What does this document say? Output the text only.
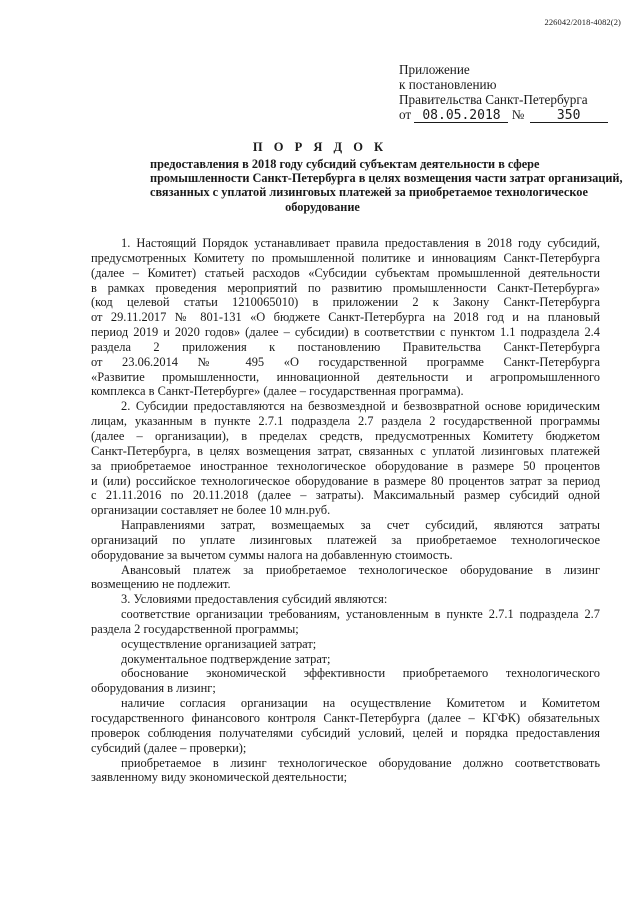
226042/2018-4082(2)
Приложение
к постановлению
Правительства Санкт-Петербурга
от 08.05.2018 №	350
П О Р Я Д О К
предоставления в 2018 году субсидий субъектам деятельности в сфере
промышленности Санкт-Петербурга в целях возмещения части затрат организаций,
связанных с уплатой лизинговых платежей за приобретаемое технологическое
оборудование
1. Настоящий Порядок устанавливает правила предоставления в 2018 году субсидий,
предусмотренных Комитету по промышленной политике и инновациям Санкт-Петербурга
(далее – Комитет) статьей расходов «Субсидии субъектам промышленной деятельности
в рамках проведения мероприятий по развитию промышленности Санкт-Петербурга»
(код целевой статьи 1210065010) в приложении 2 к Закону Санкт-Петербурга
от 29.11.2017 № 801-131 «О бюджете Санкт-Петербурга на 2018 год и на плановый
период 2019 и 2020 годов» (далее – субсидии) в соответствии с пунктом 1.1 подраздела 2.4
раздела 2 приложения к постановлению Правительства Санкт-Петербурга
от 23.06.2014 № 495 «О государственной программе Санкт-Петербурга
«Развитие промышленности, инновационной деятельности и агропромышленного
комплекса в Санкт-Петербурге» (далее – государственная программа).
2. Субсидии предоставляются на безвозмездной и безвозвратной основе юридическим
лицам, указанным в пункте 2.7.1 подраздела 2.7 раздела 2 государственной программы
(далее – организации), в пределах средств, предусмотренных Комитету бюджетом
Санкт-Петербурга, в целях возмещения затрат, связанных с уплатой лизинговых платежей
за приобретаемое иностранное технологическое оборудование в размере 50 процентов
и (или) российское технологическое оборудование в размере 80 процентов затрат за период
с 21.11.2016 по 20.11.2018 (далее – затраты). Максимальный размер субсидий одной
организации составляет не более 10 млн.руб.
Направлениями затрат, возмещаемых за счет субсидий, являются затраты
организаций по уплате лизинговых платежей за приобретаемое технологическое
оборудование за вычетом суммы налога на добавленную стоимость.
Авансовый платеж за приобретаемое технологическое оборудование в лизинг
возмещению не подлежит.
3. Условиями предоставления субсидий являются:
соответствие организации требованиям, установленным в пункте 2.7.1 подраздела 2.7
раздела 2 государственной программы;
осуществление организацией затрат;
документальное подтверждение затрат;
обоснование экономической эффективности приобретаемого технологического
оборудования в лизинг;
наличие согласия организации на осуществление Комитетом и Комитетом
государственного финансового контроля Санкт-Петербурга (далее – КГФК) обязательных
проверок соблюдения получателями субсидий условий, целей и порядка предоставления
субсидий (далее – проверки);
приобретаемое в лизинг технологическое оборудование должно соответствовать
заявленному виду экономической деятельности;
